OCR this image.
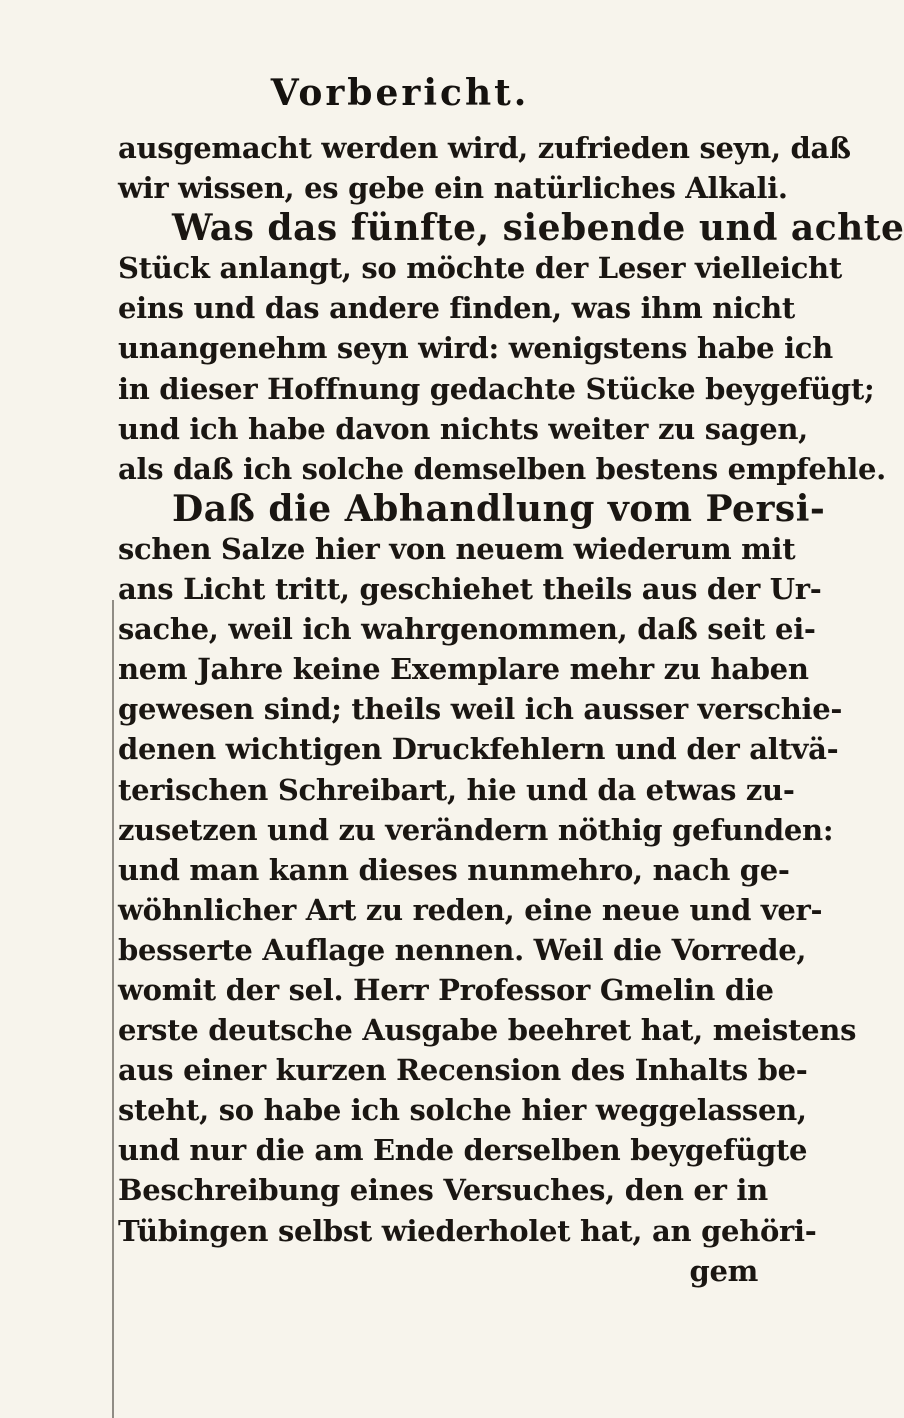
Vorbericht.
ausgemacht werden wird, zufrieden seyn, daß
wir wissen, es gebe ein natürliches Alkali.
Was das fünfte, siebende und achte
Stück anlangt, so möchte der Leser vielleicht
eins und das andere finden, was ihm nicht
unangenehm seyn wird: wenigstens habe ich
in dieser Hoffnung gedachte Stücke beygefügt;
und ich habe davon nichts weiter zu sagen,
als daß ich solche demselben bestens empfehle.
Daß die Abhandlung vom Persi-
schen Salze hier von neuem wiederum mit
ans Licht tritt, geschiehet theils aus der Ur-
sache, weil ich wahrgenommen, daß seit ei-
nem Jahre keine Exemplare mehr zu haben
gewesen sind; theils weil ich ausser verschie-
denen wichtigen Druckfehlern und der altvä-
terischen Schreibart, hie und da etwas zu-
zusetzen und zu verändern nöthig gefunden:
und man kann dieses nunmehro, nach ge-
wöhnlicher Art zu reden, eine neue und ver-
besserte Auflage nennen. Weil die Vorrede,
womit der sel. Herr Professor Gmelin die
erste deutsche Ausgabe beehret hat, meistens
aus einer kurzen Recension des Inhalts be-
steht, so habe ich solche hier weggelassen,
und nur die am Ende derselben beygefügte
Beschreibung eines Versuches, den er in
Tübingen selbst wiederholet hat, an gehöri-
gem
